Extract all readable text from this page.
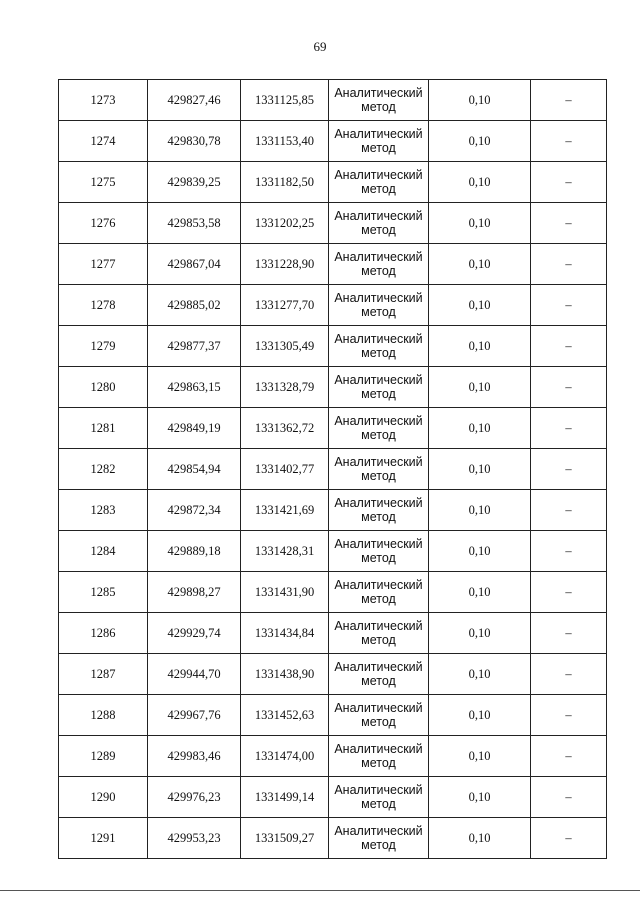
69
1273	429827,46	1331125,85	Аналитический метод	0,10	–
1274	429830,78	1331153,40	Аналитический метод	0,10	–
1275	429839,25	1331182,50	Аналитический метод	0,10	–
1276	429853,58	1331202,25	Аналитический метод	0,10	–
1277	429867,04	1331228,90	Аналитический метод	0,10	–
1278	429885,02	1331277,70	Аналитический метод	0,10	–
1279	429877,37	1331305,49	Аналитический метод	0,10	–
1280	429863,15	1331328,79	Аналитический метод	0,10	–
1281	429849,19	1331362,72	Аналитический метод	0,10	–
1282	429854,94	1331402,77	Аналитический метод	0,10	–
1283	429872,34	1331421,69	Аналитический метод	0,10	–
1284	429889,18	1331428,31	Аналитический метод	0,10	–
1285	429898,27	1331431,90	Аналитический метод	0,10	–
1286	429929,74	1331434,84	Аналитический метод	0,10	–
1287	429944,70	1331438,90	Аналитический метод	0,10	–
1288	429967,76	1331452,63	Аналитический метод	0,10	–
1289	429983,46	1331474,00	Аналитический метод	0,10	–
1290	429976,23	1331499,14	Аналитический метод	0,10	–
1291	429953,23	1331509,27	Аналитический метод	0,10	–
